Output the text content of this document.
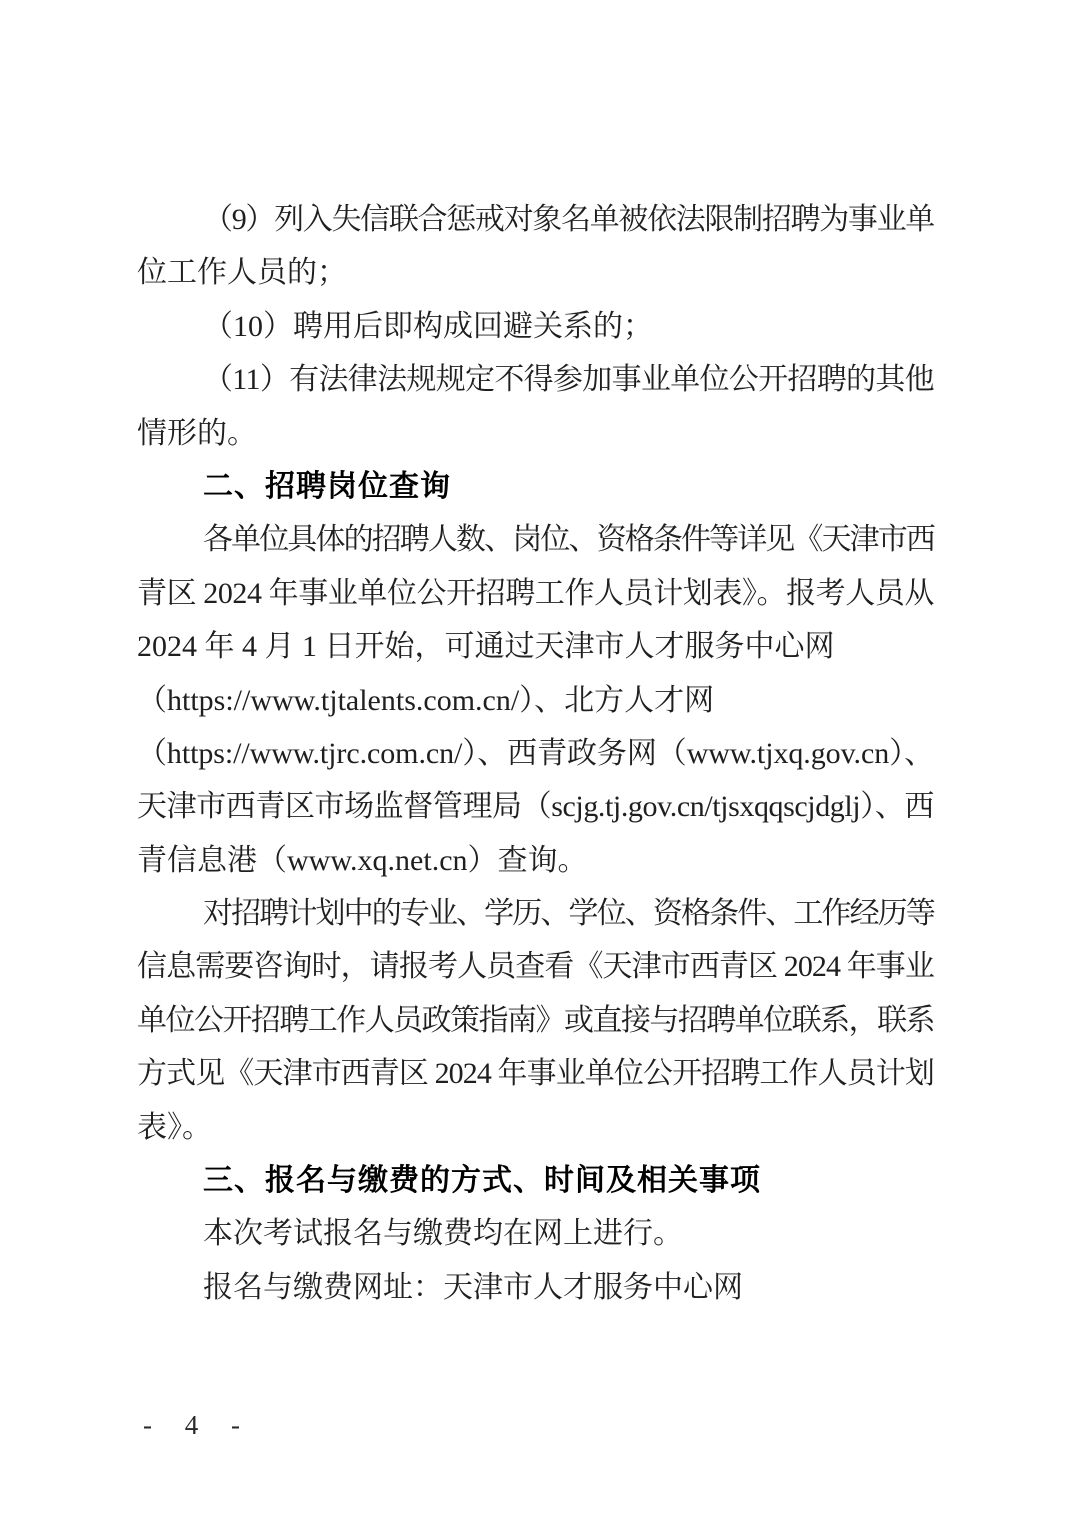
（9）列入失信联合惩戒对象名单被依法限制招聘为事业单
位工作人员的；
（10）聘用后即构成回避关系的；
（11）有法律法规规定不得参加事业单位公开招聘的其他
情形的。
二、招聘岗位查询
各单位具体的招聘人数、岗位、资格条件等详见《天津市西
青区 2024 年事业单位公开招聘工作人员计划表》。报考人员从
2024 年 4 月 1 日开始，可通过天津市人才服务中心网
（https://www.tjtalents.com.cn/）、北方人才网
（https://www.tjrc.com.cn/）、西青政务网（www.tjxq.gov.cn）、
天津市西青区市场监督管理局（scjg.tj.gov.cn/tjsxqqscjdglj）、西
青信息港（www.xq.net.cn）查询。
对招聘计划中的专业、学历、学位、资格条件、工作经历等
信息需要咨询时，请报考人员查看《天津市西青区 2024 年事业
单位公开招聘工作人员政策指南》或直接与招聘单位联系，联系
方式见《天津市西青区 2024 年事业单位公开招聘工作人员计划
表》。
三、报名与缴费的方式、时间及相关事项
本次考试报名与缴费均在网上进行。
报名与缴费网址：天津市人才服务中心网
- 4 -
